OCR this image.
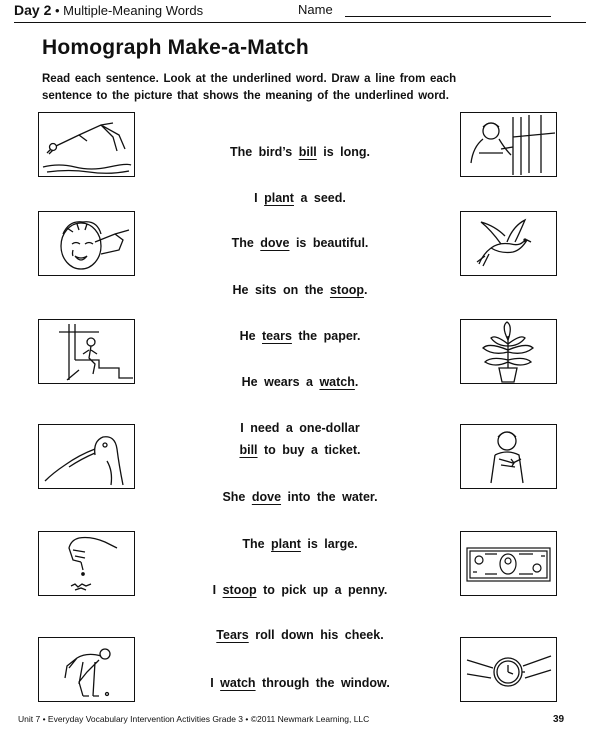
Day 2 • Multiple-Meaning Words	Name
Homograph Make-a-Match
Read each sentence. Look at the underlined word. Draw a line from each sentence to the picture that shows the meaning of the underlined word.
The bird’s bill is long.
I plant a seed.
The dove is beautiful.
He sits on the stoop.
He tears the paper.
He wears a watch.
I need a one-dollar
bill to buy a ticket.
She dove into the water.
The plant is large.
I stoop to pick up a penny.
Tears roll down his cheek.
I watch through the window.
Unit 7 • Everyday Vocabulary Intervention Activities Grade 3 • ©2011 Newmark Learning, LLC	39
